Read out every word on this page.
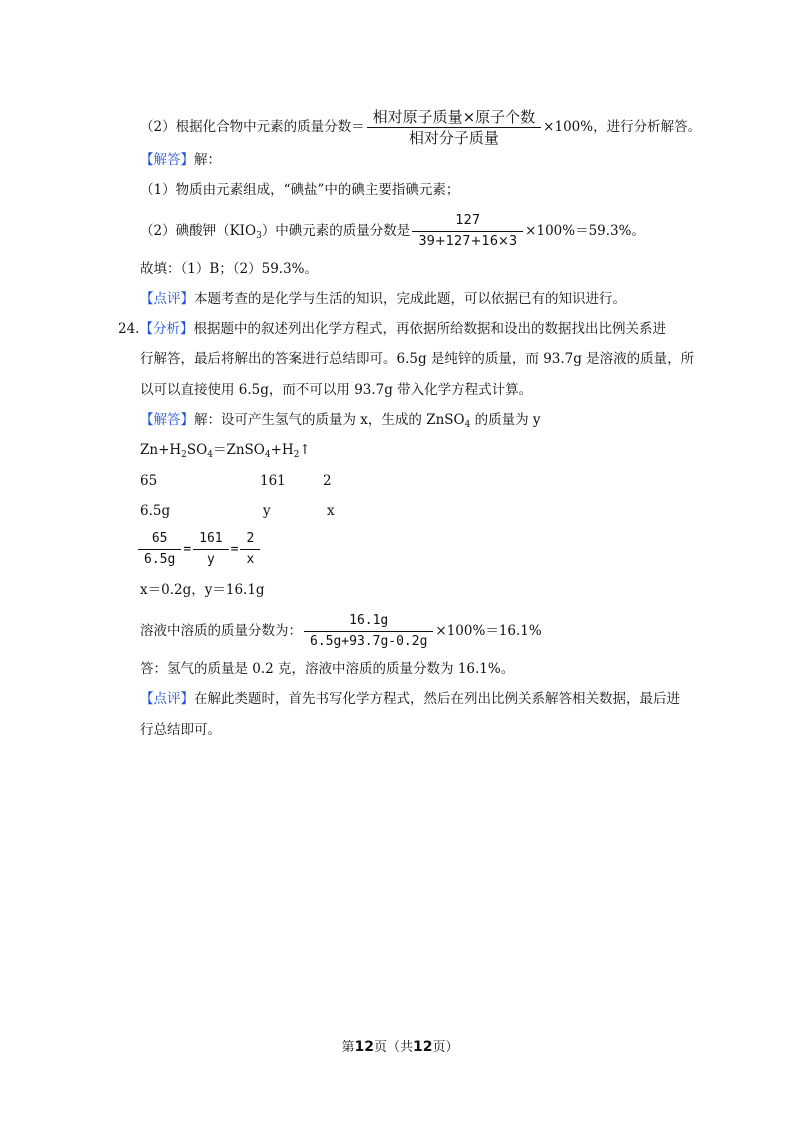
（2）根据化合物中元素的质量分数＝ $\frac{\text{相对原子质量×原子个数}}{\text{相对分子质量}} \times 100\%$，进行分析解答。
【解答】解：
（1）物质由元素组成，“碘盐”中的碘主要指碘元素；
（2）碘酸钾$(KIO_3)$中碘元素的质量分数是 $\frac{127}{39+127+16\times 3} \times 100\%=59.3\%$。
故填：（1）B；（2）59.3%。
【点评】本题考查的是化学与生活的知识，完成此题，可以依据已有的知识进行。
24.【分析】根据题中的叙述列出化学方程式，再依据所给数据和设出的数据找出比例关系进
行解答，最后将解出的答案进行总结即可。6.5g 是纯锌的质量，而 93.7g 是溶液的质量，所
以可以直接使用 6.5g，而不可以用 93.7g 带入化学方程式计算。
【解答】解：设可产生氢气的质量为 x，生成的 ZnSO$_4$ 的质量为 y
$Zn+H_2SO_4=ZnSO_4+H_2↑$
65	161	2
6.5g	y	x
$\frac{65}{6.5g} = \frac{161}{y} = \frac{2}{x}$
x＝0.2g，y＝16.1g
溶液中溶质的质量分数为： $\frac{16.1g}{6.5g+93.7g-0.2g} \times 100\%=16.1\%$
答：氢气的质量是 0.2 克，溶液中溶质的质量分数为 16.1%。
【点评】在解此类题时，首先书写化学方程式，然后在列出比例关系解答相关数据，最后进
行总结即可。
第12页（共12页）
